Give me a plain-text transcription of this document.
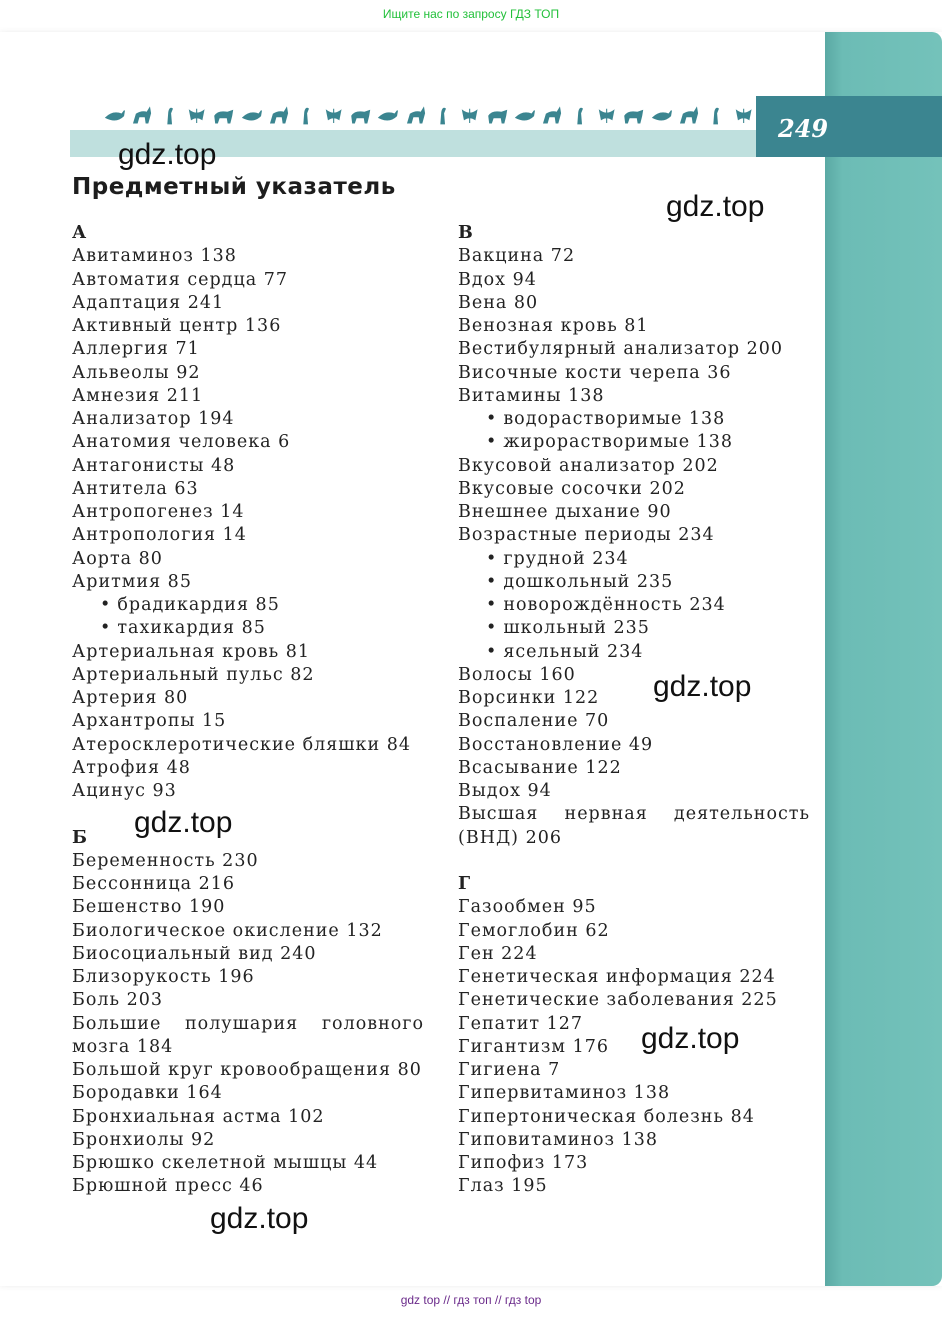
Ищите нас по запросу ГДЗ ТОП
249
Предметный указатель
А
Авитаминоз 138
Автоматия сердца 77
Адаптация 241
Активный центр 136
Аллергия 71
Альвеолы 92
Амнезия 211
Анализатор 194
Анатомия человека 6
Антагонисты 48
Антитела 63
Антропогенез 14
Антропология 14
Аорта 80
Аритмия 85
• брадикардия 85
• тахикардия 85
Артериальная кровь 81
Артериальный пульс 82
Артерия 80
Архантропы 15
Атеросклеротические бляшки 84
Атрофия 48
Ацинус 93
Б
Беременность 230
Бессонница 216
Бешенство 190
Биологическое окисление 132
Биосоциальный вид 240
Близорукость 196
Боль 203
Большие полушария головного
мозга 184
Большой круг кровообращения 80
Бородавки 164
Бронхиальная астма 102
Бронхиолы 92
Брюшко скелетной мышцы 44
Брюшной пресс 46
В
Вакцина 72
Вдох 94
Вена 80
Венозная кровь 81
Вестибулярный анализатор 200
Височные кости черепа 36
Витамины 138
• водорастворимые 138
• жирорастворимые 138
Вкусовой анализатор 202
Вкусовые сосочки 202
Внешнее дыхание 90
Возрастные периоды 234
• грудной 234
• дошкольный 235
• новорождённость 234
• школьный 235
• ясельный 234
Волосы 160
Ворсинки 122
Воспаление 70
Восстановление 49
Всасывание 122
Выдох 94
Высшая нервная деятельность
(ВНД) 206
Г
Газообмен 95
Гемоглобин 62
Ген 224
Генетическая информация 224
Генетические заболевания 225
Гепатит 127
Гигантизм 176
Гигиена 7
Гипервитаминоз 138
Гипертоническая болезнь 84
Гиповитаминоз 138
Гипофиз 173
Глаз 195
gdz.top
gdz.top
gdz.top
gdz.top
gdz.top
gdz.top
gdz top // гдз топ // гдз top
